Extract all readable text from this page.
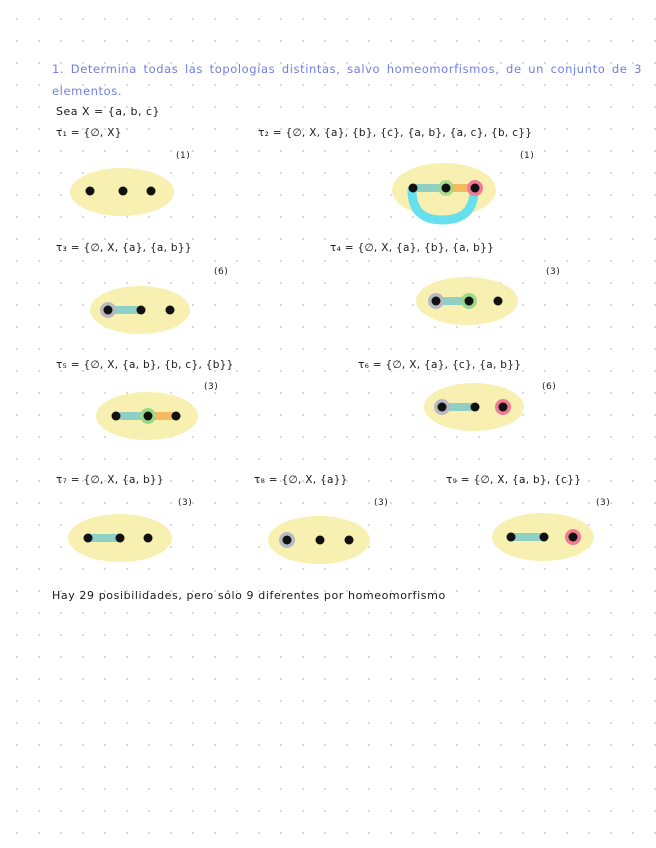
1. Determina todas las topologías distintas, salvo homeomorfismos, de un conjunto de 3 elementos.
Sea X = {a, b, c}
τ₁ = {∅, X}
(1)
τ₂ = {∅, X, {a}, {b}, {c}, {a, b}, {a, c}, {b, c}}
(1)
τ₃ = {∅, X, {a}, {a, b}}
(6)
τ₄ = {∅, X, {a}, {b}, {a, b}}
(3)
τ₅ = {∅, X, {a, b}, {b, c}, {b}}
(3)
τ₆ = {∅, X, {a}, {c}, {a, b}}
(6)
τ₇ = {∅, X, {a, b}}
(3)
τ₈ = {∅, X, {a}}
(3)
τ₉ = {∅, X, {a, b}, {c}}
(3)
Hay 29 posibilidades, pero sólo 9 diferentes por homeomorfismo
